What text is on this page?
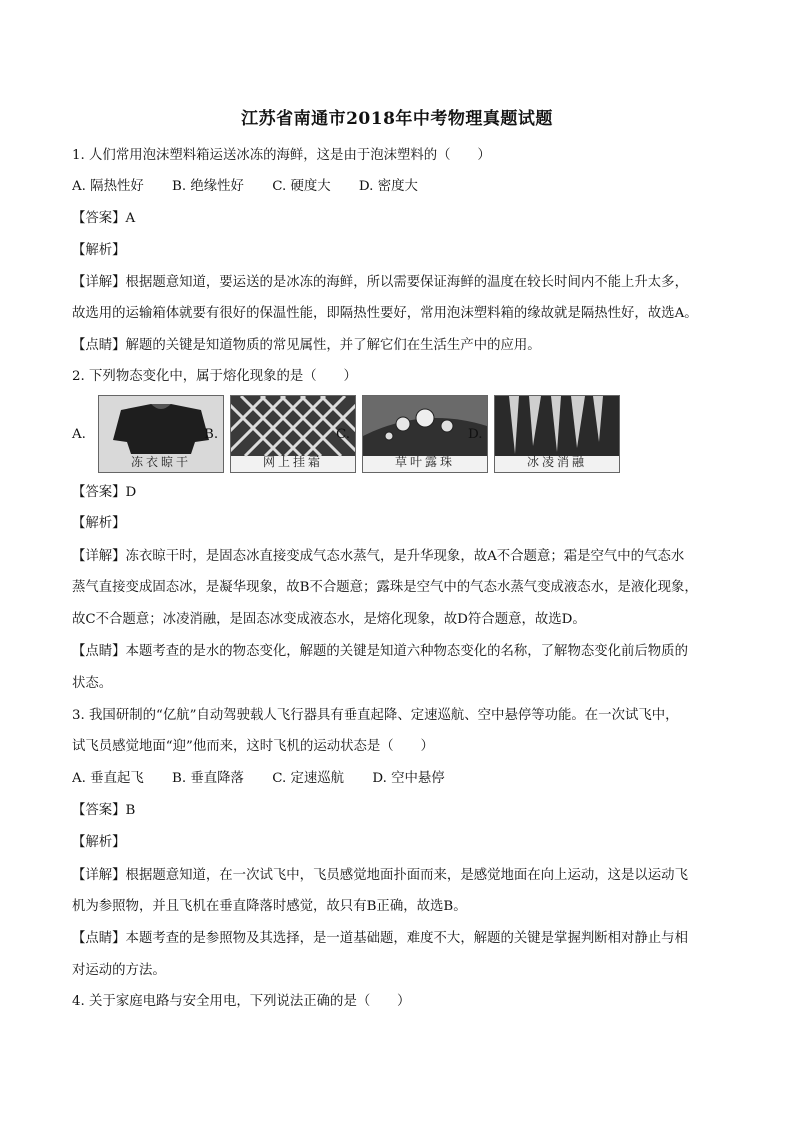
江苏省南通市2018年中考物理真题试题
1. 人们常用泡沫塑料箱运送冰冻的海鲜，这是由于泡沫塑料的（　　）
A. 隔热性好 B. 绝缘性好 C. 硬度大 D. 密度大
【答案】A
【解析】
【详解】根据题意知道，要运送的是冰冻的海鲜，所以需要保证海鲜的温度在较长时间内不能上升太多，
故选用的运输箱体就要有很好的保温性能，即隔热性要好，常用泡沫塑料箱的缘故就是隔热性好，故选A。
【点睛】解题的关键是知道物质的常见属性，并了解它们在生活生产中的应用。
2. 下列物态变化中，属于熔化现象的是（　　）
A.
冻衣晾干
B.
网上挂霜
C.
草叶露珠
D.
冰凌消融
【答案】D
【解析】
【详解】冻衣晾干时，是固态冰直接变成气态水蒸气，是升华现象，故A不合题意；霜是空气中的气态水
蒸气直接变成固态冰，是凝华现象，故B不合题意；露珠是空气中的气态水蒸气变成液态水，是液化现象，
故C不合题意；冰凌消融，是固态冰变成液态水，是熔化现象，故D符合题意，故选D。
【点睛】本题考查的是水的物态变化，解题的关键是知道六种物态变化的名称，了解物态变化前后物质的
状态。
3. 我国研制的“亿航”自动驾驶载人飞行器具有垂直起降、定速巡航、空中悬停等功能。在一次试飞中，
试飞员感觉地面“迎”他而来，这时飞机的运动状态是（　　）
A. 垂直起飞 B. 垂直降落 C. 定速巡航 D. 空中悬停
【答案】B
【解析】
【详解】根据题意知道，在一次试飞中，飞员感觉地面扑面而来，是感觉地面在向上运动，这是以运动飞
机为参照物，并且飞机在垂直降落时感觉，故只有B正确，故选B。
【点睛】本题考查的是参照物及其选择，是一道基础题，难度不大，解题的关键是掌握判断相对静止与相
对运动的方法。
4. 关于家庭电路与安全用电，下列说法正确的是（　　）
